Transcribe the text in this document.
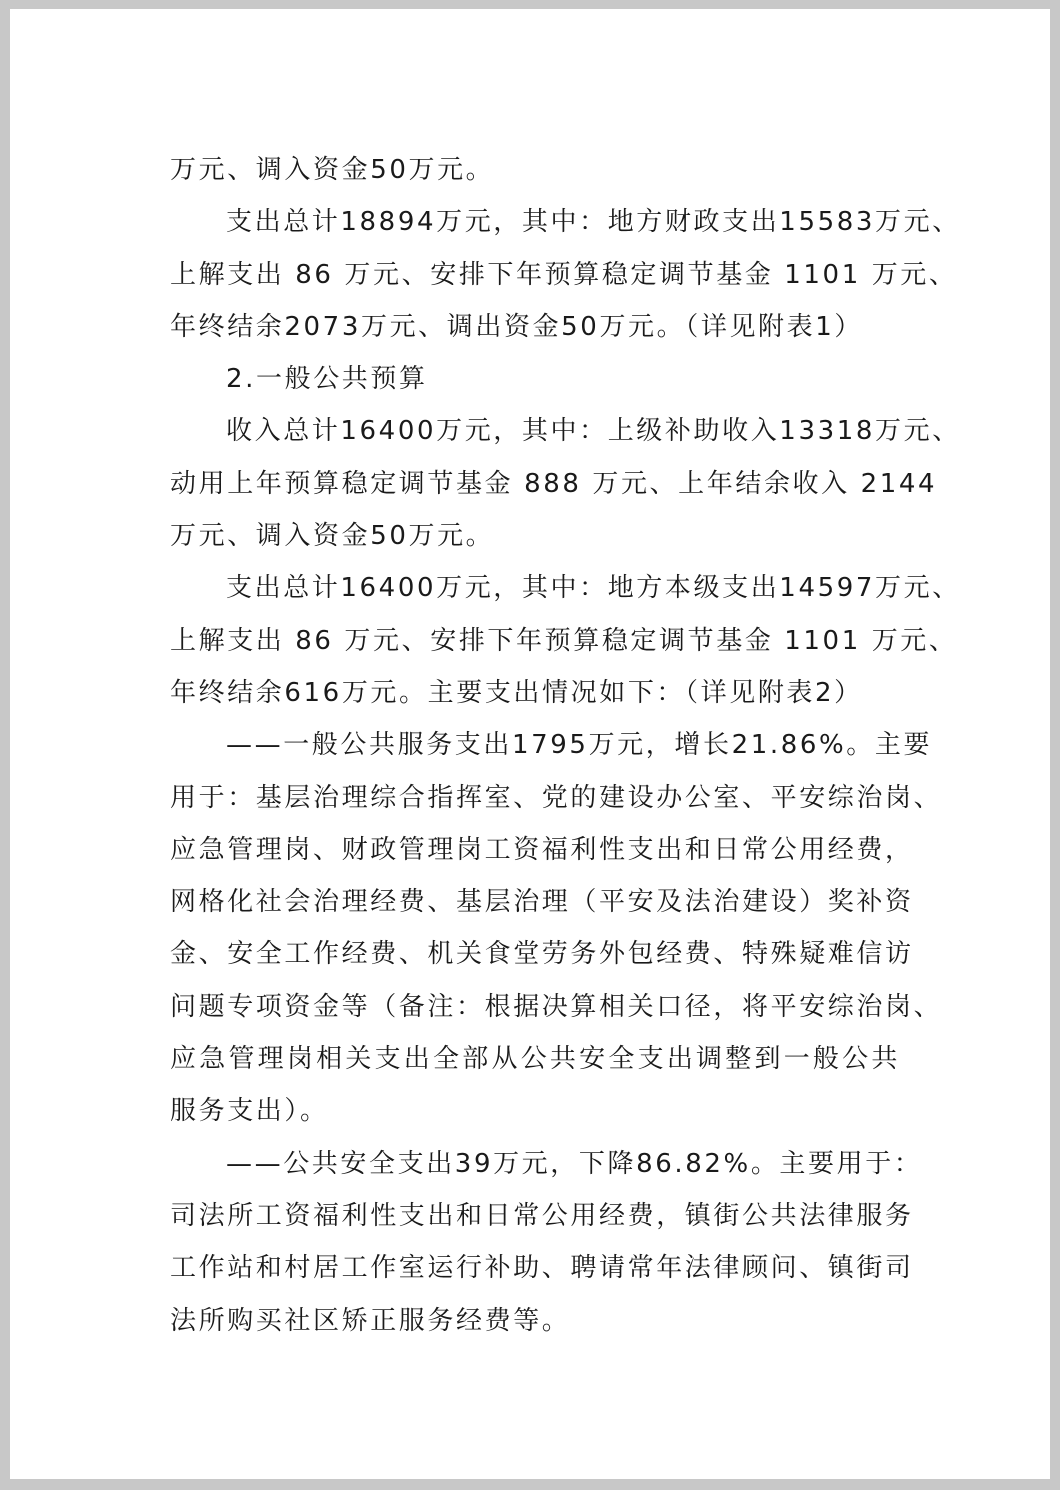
万元、调入资金50万元。

支出总计18894万元，其中：地方财政支出15583万元、
上解支出 86 万元、安排下年预算稳定调节基金 1101 万元、
年终结余2073万元、调出资金50万元。（详见附表1）

2.一般公共预算

收入总计16400万元，其中：上级补助收入13318万元、
动用上年预算稳定调节基金 888 万元、上年结余收入 2144
万元、调入资金50万元。

支出总计16400万元，其中：地方本级支出14597万元、
上解支出 86 万元、安排下年预算稳定调节基金 1101 万元、
年终结余616万元。主要支出情况如下：（详见附表2）

——一般公共服务支出1795万元，增长21.86%。主要
用于：基层治理综合指挥室、党的建设办公室、平安综治岗、
应急管理岗、财政管理岗工资福利性支出和日常公用经费，
网格化社会治理经费、基层治理（平安及法治建设）奖补资
金、安全工作经费、机关食堂劳务外包经费、特殊疑难信访
问题专项资金等（备注：根据决算相关口径，将平安综治岗、
应急管理岗相关支出全部从公共安全支出调整到一般公共
服务支出）。

——公共安全支出39万元，下降86.82%。主要用于：
司法所工资福利性支出和日常公用经费，镇街公共法律服务
工作站和村居工作室运行补助、聘请常年法律顾问、镇街司
法所购买社区矫正服务经费等。
